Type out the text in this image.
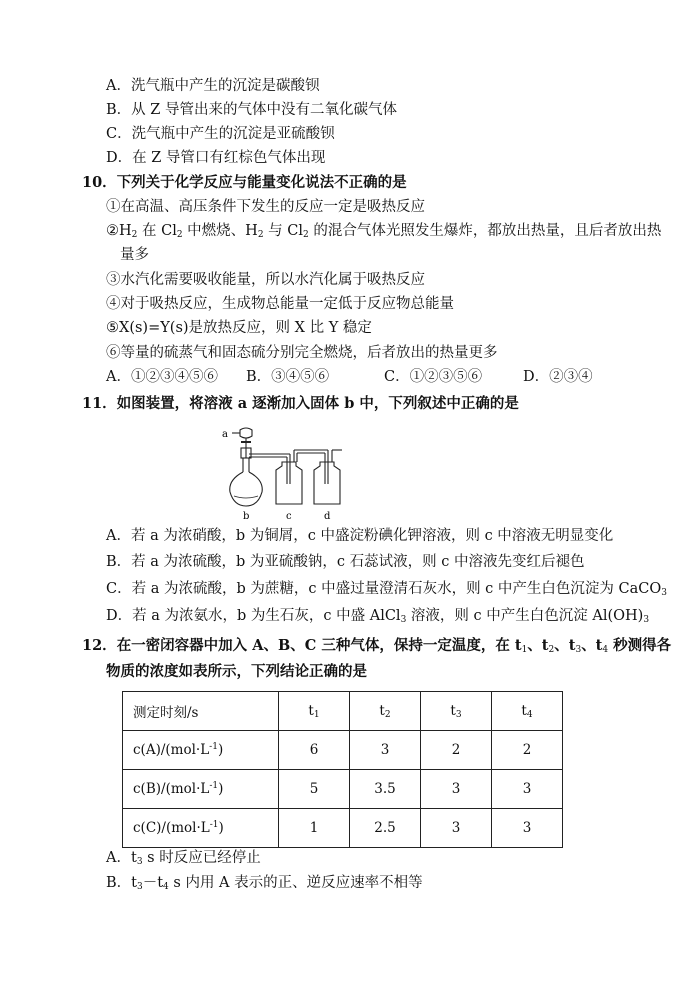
A．洗气瓶中产生的沉淀是碳酸钡
B．从 Z 导管出来的气体中没有二氧化碳气体
C．洗气瓶中产生的沉淀是亚硫酸钡
D．在 Z 导管口有红棕色气体出现
10．下列关于化学反应与能量变化说法不正确的是
①在高温、高压条件下发生的反应一定是吸热反应
$②H_2$ 在 $Cl_2$ 中燃烧、$H_2$ 与 $Cl_2$ 的混合气体光照发生爆炸，都放出热量，且后者放出热
量多
③水汽化需要吸收能量，所以水汽化属于吸热反应
④对于吸热反应，生成物总能量一定低于反应物总能量
⑤X(s)=Y(s)是放热反应，则 X 比 Y 稳定
⑥等量的硫蒸气和固态硫分别完全燃烧，后者放出的热量更多
A．①②③④⑤⑥ B．③④⑤⑥	C．①②③⑤⑥	D．②③④
11．如图装置，将溶液 a 逐渐加入固体 b 中，下列叙述中正确的是
a
b	c	d
A．若 a 为浓硝酸，b 为铜屑，c 中盛淀粉碘化钾溶液，则 c 中溶液无明显变化
B．若 a 为浓硫酸，b 为亚硫酸钠，c 石蕊试液，则 c 中溶液先变红后褪色
C．若 a 为浓硫酸，b 为蔗糖，c 中盛过量澄清石灰水，则 c 中产生白色沉淀为 CaCO$_3$
D．若 a 为浓氨水，b 为生石灰，c 中盛 AlCl$_3$ 溶液，则 c 中产生白色沉淀 $Al(OH)_3$
12．在一密闭容器中加入 A、B、C 三种气体，保持一定温度，在 $t_1$、$t_2$、$t_3$、$t_4$ 秒测得各
物质的浓度如表所示，下列结论正确的是
测定时刻/s	$t_1$	$t_2$	$t_3$	$t_4$
$c(A)/(mol\cdot L^{-1})$	6	3	2	2
$c(B)/(mol\cdot L^{-1})$	5	3.5	3	3
$c(C)/(mol\cdot L^{-1})$	1	2.5	3	3
A．$t_3$ s 时反应已经停止
B．$t_3-t_4$ s 内用 A 表示的正、逆反应速率不相等
